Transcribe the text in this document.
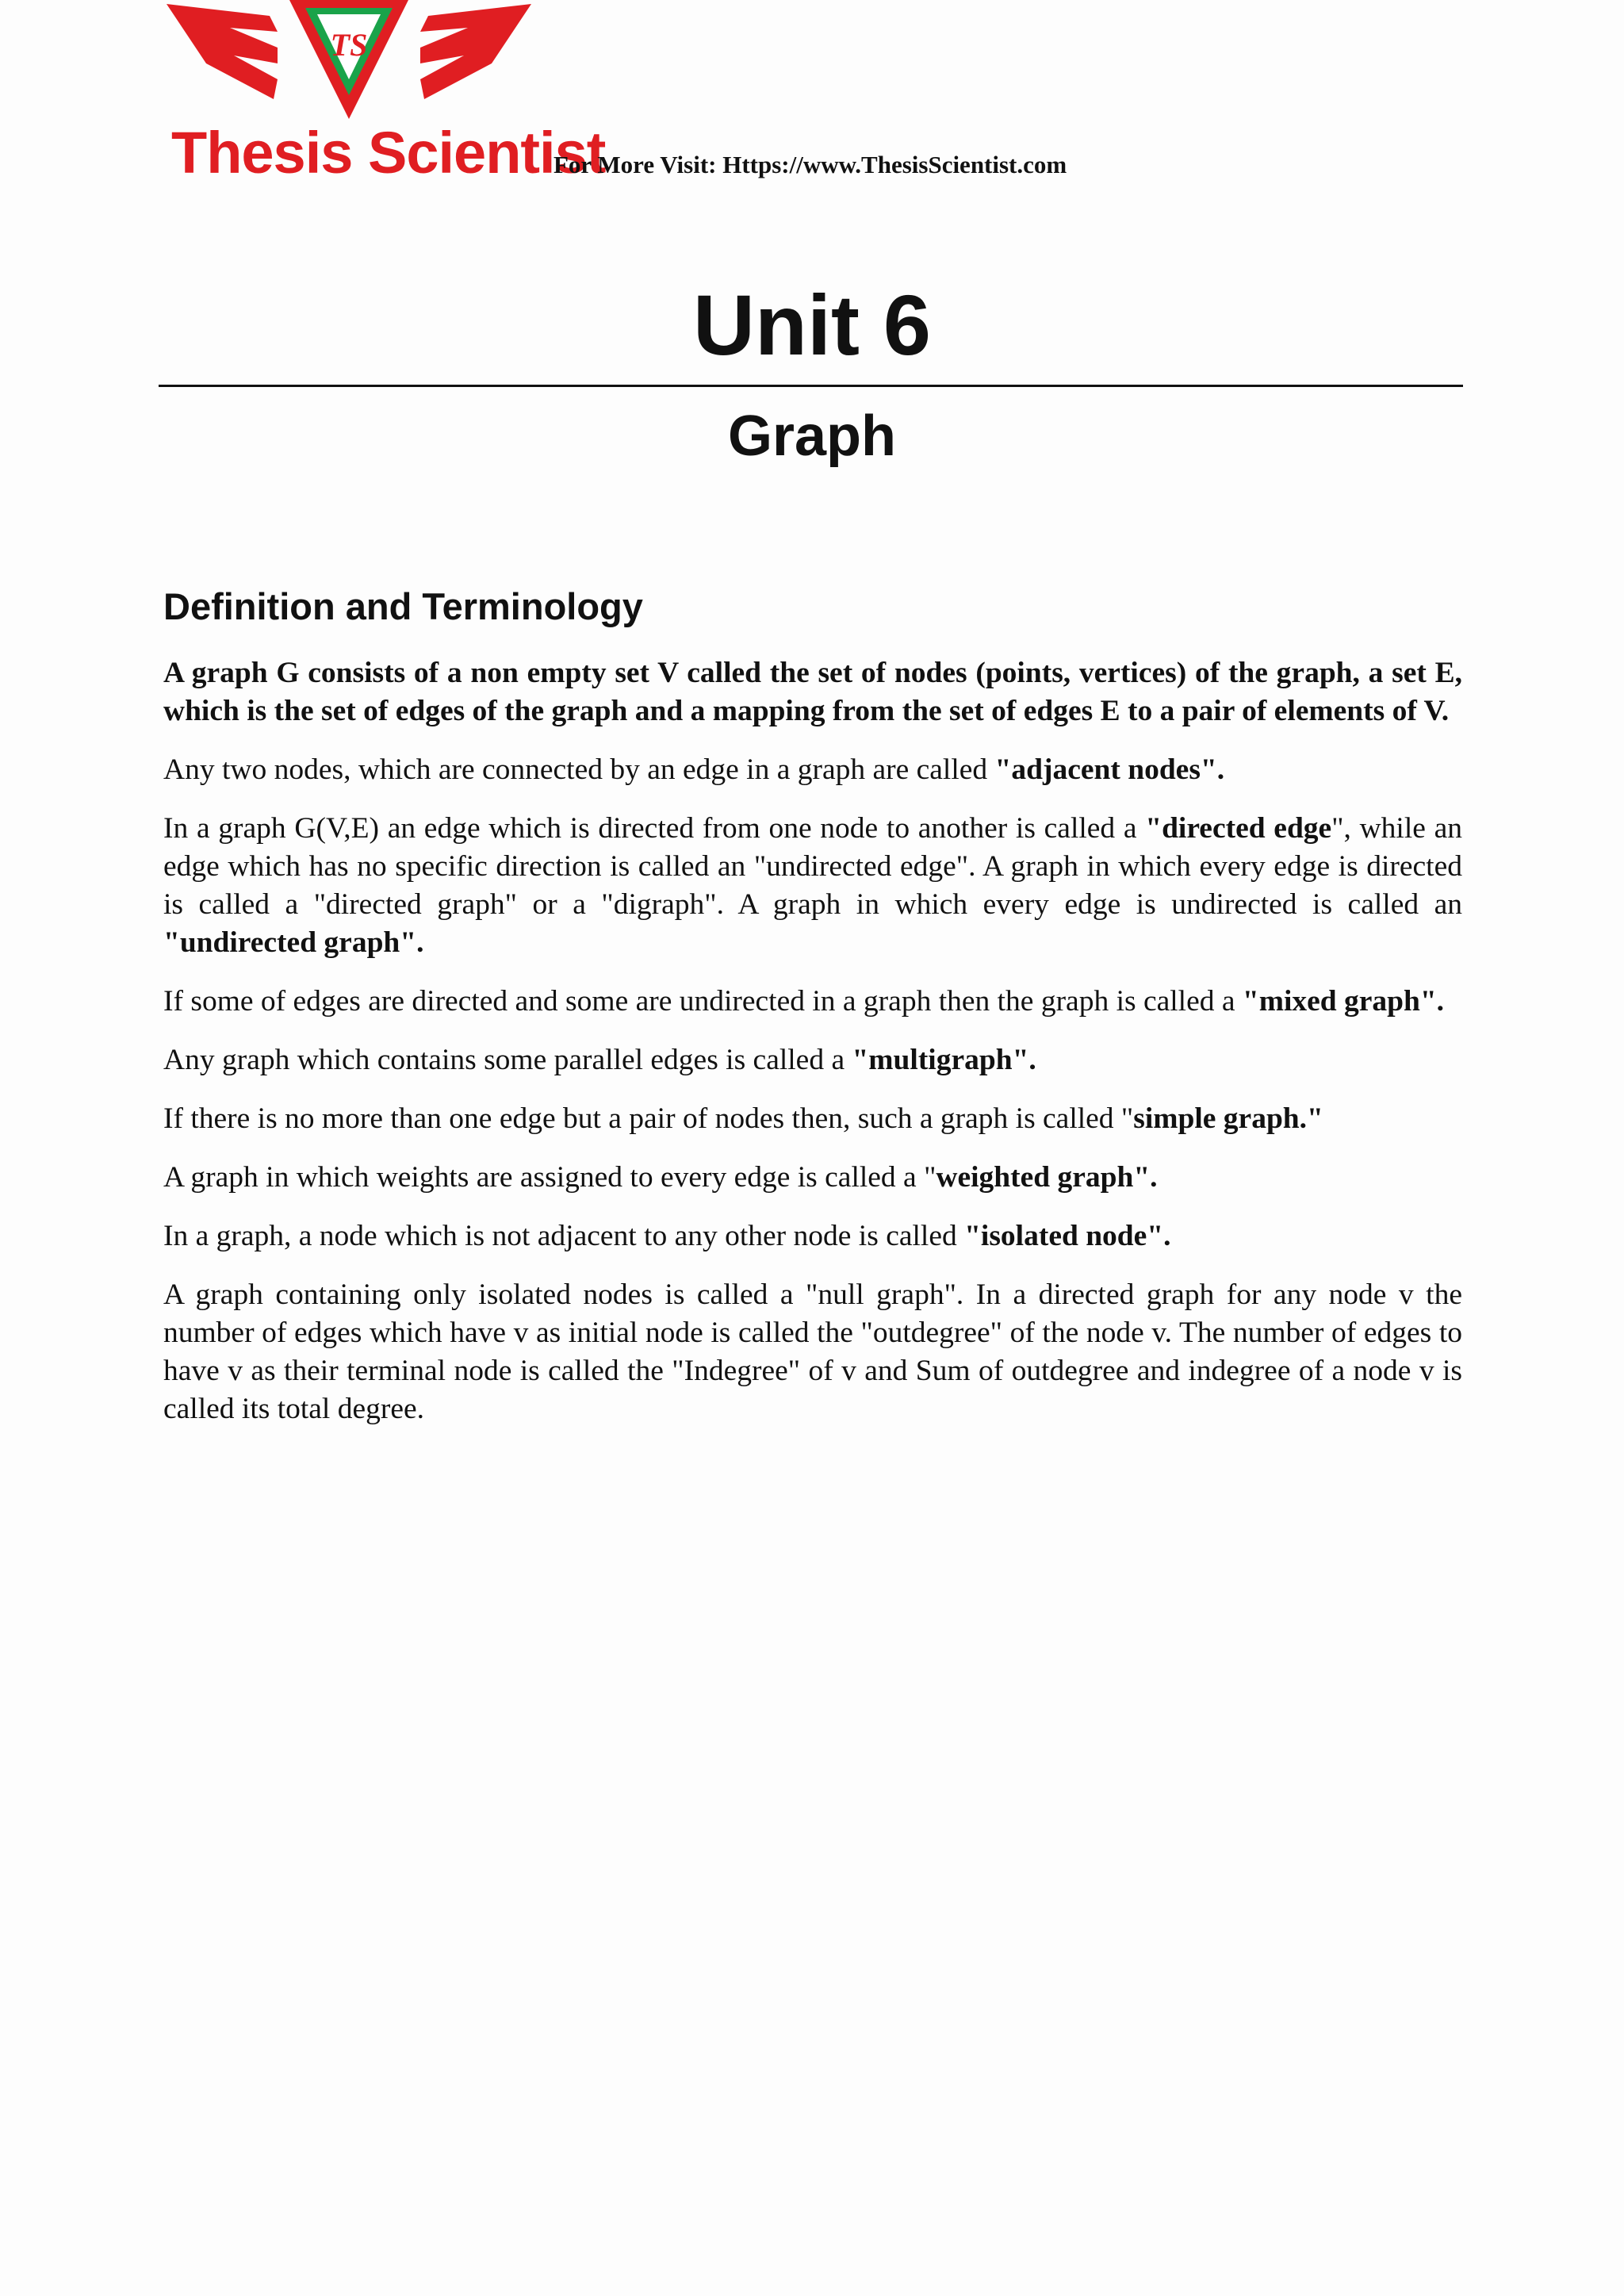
TS
Thesis Scientist
For More Visit: Https://www.ThesisScientist.com
Unit 6
Graph
Definition and Terminology

A graph G consists of a non empty set V called the set of nodes (points, vertices) of the graph, a set E, which is the set of edges of the graph and a mapping from the set of edges E to a pair of elements of V.

Any two nodes, which are connected by an edge in a graph are called "adjacent nodes".

In a graph G(V,E) an edge which is directed from one node to another is called a "directed edge", while an edge which has no specific direction is called an "undirected edge". A graph in which every edge is directed is called a "directed graph" or a "digraph". A graph in which every edge is undirected is called an "undirected graph".

If some of edges are directed and some are undirected in a graph then the graph is called a "mixed graph".

Any graph which contains some parallel edges is called a "multigraph".

If there is no more than one edge but a pair of nodes then, such a graph is called "simple graph."

A graph in which weights are assigned to every edge is called a "weighted graph".

In a graph, a node which is not adjacent to any other node is called "isolated node".

A graph containing only isolated nodes is called a "null graph". In a directed graph for any node v the number of edges which have v as initial node is called the "outdegree" of the node v. The number of edges to have v as their terminal node is called the "Indegree" of v and Sum of outdegree and indegree of a node v is called its total degree.
